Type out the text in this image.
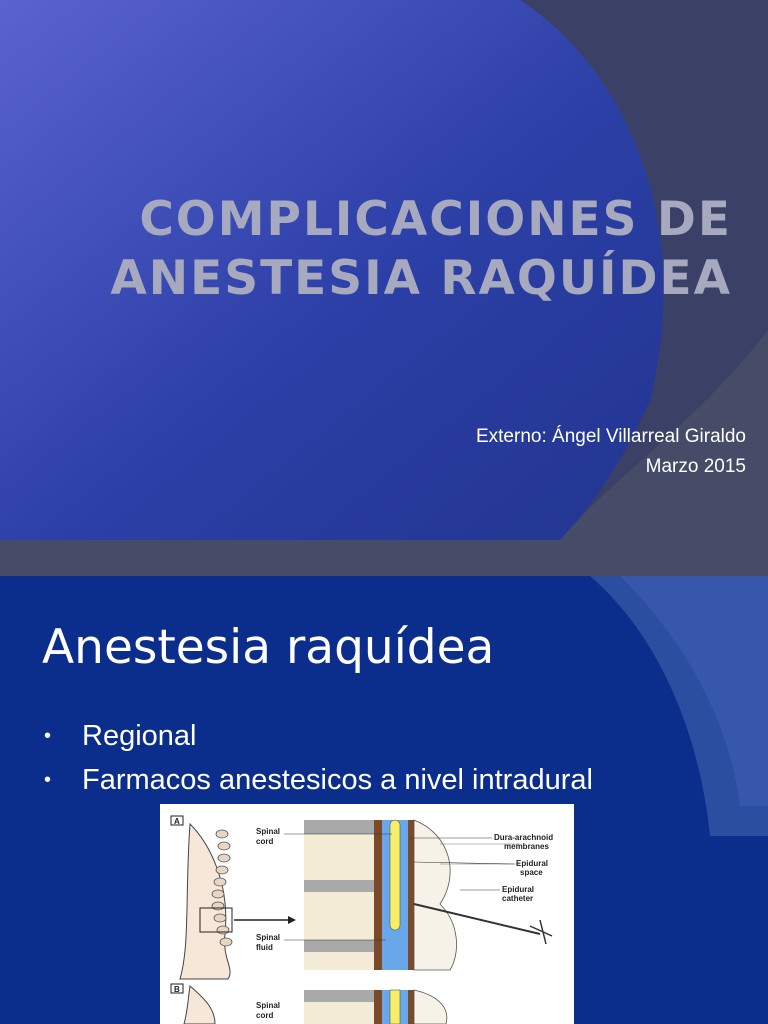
COMPLICACIONES DE
ANESTESIA RAQUÍDEA
Externo: Ángel Villarreal Giraldo
Marzo 2015
Anestesia raquídea
• Regional
• Farmacos anestesicos a nivel intradural
A
Spinal
cord
Spinal
fluid
Dura-arachnoid
membranes
Epidural
space
Epidural
catheter
B
Spinal
cord
